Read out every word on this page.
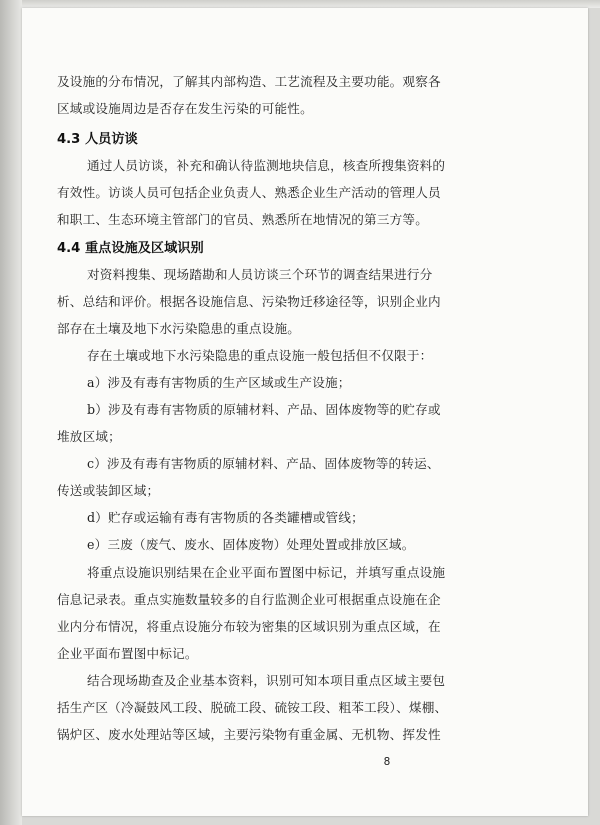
及设施的分布情况，了解其内部构造、工艺流程及主要功能。观察各
区域或设施周边是否存在发生污染的可能性。
4.3 人员访谈
通过人员访谈，补充和确认待监测地块信息，核查所搜集资料的
有效性。访谈人员可包括企业负责人、熟悉企业生产活动的管理人员
和职工、生态环境主管部门的官员、熟悉所在地情况的第三方等。
4.4 重点设施及区域识别
对资料搜集、现场踏勘和人员访谈三个环节的调查结果进行分
析、总结和评价。根据各设施信息、污染物迁移途径等，识别企业内
部存在土壤及地下水污染隐患的重点设施。
存在土壤或地下水污染隐患的重点设施一般包括但不仅限于：
a）涉及有毒有害物质的生产区域或生产设施；
b）涉及有毒有害物质的原辅材料、产品、固体废物等的贮存或
堆放区域；
c）涉及有毒有害物质的原辅材料、产品、固体废物等的转运、
传送或装卸区域；
d）贮存或运输有毒有害物质的各类罐槽或管线；
e）三废（废气、废水、固体废物）处理处置或排放区域。
将重点设施识别结果在企业平面布置图中标记，并填写重点设施
信息记录表。重点实施数量较多的自行监测企业可根据重点设施在企
业内分布情况，将重点设施分布较为密集的区域识别为重点区域，在
企业平面布置图中标记。
结合现场勘查及企业基本资料，识别可知本项目重点区域主要包
括生产区（冷凝鼓风工段、脱硫工段、硫铵工段、粗苯工段）、煤棚、
锅炉区、废水处理站等区域，主要污染物有重金属、无机物、挥发性
8
